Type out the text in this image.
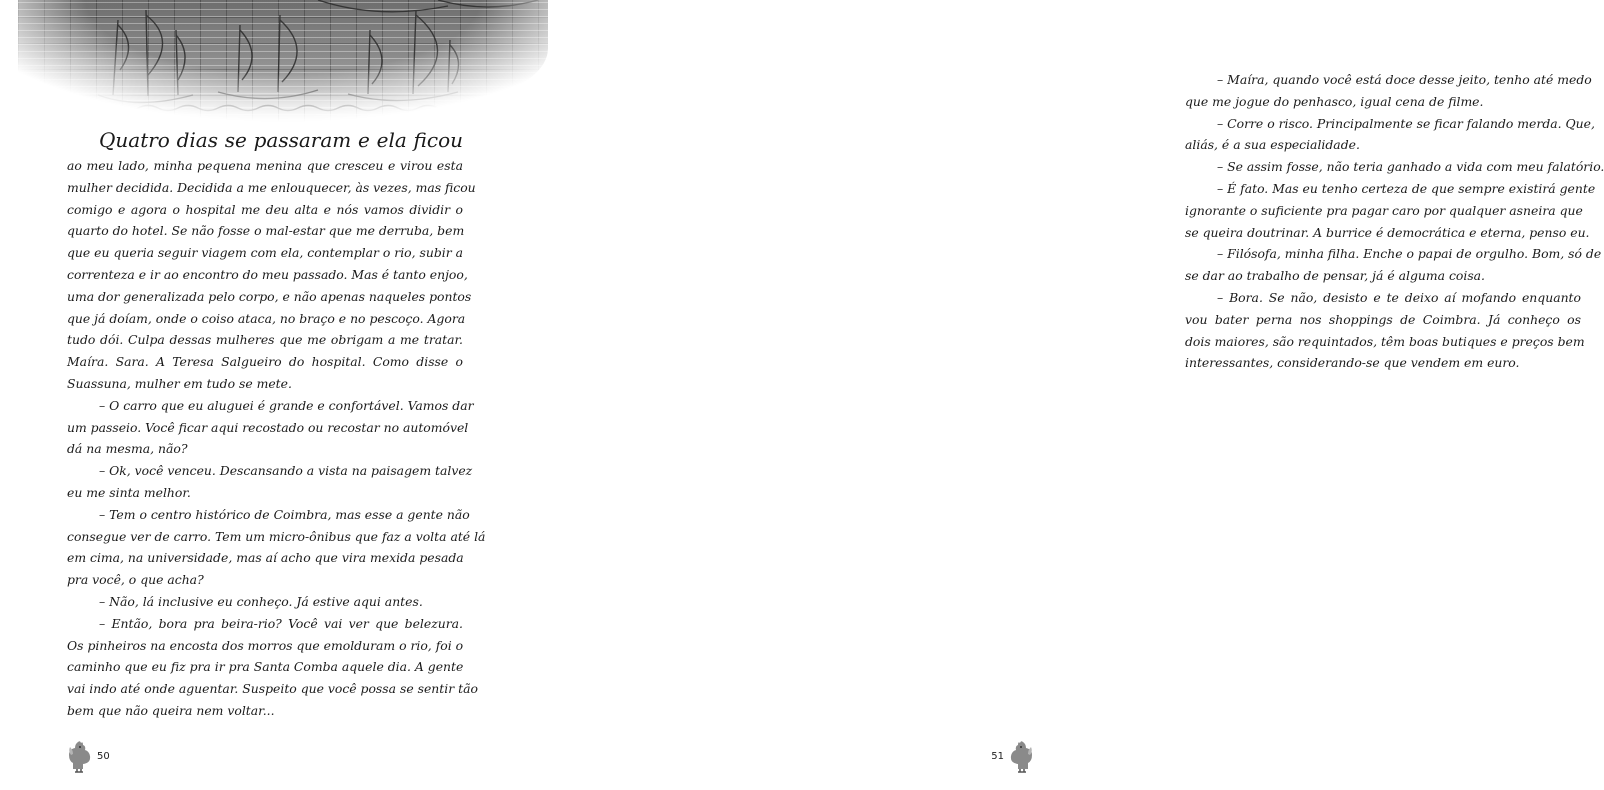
Quatro dias se passaram e ela ficou
ao meu lado, minha pequena menina que cresceu e virou esta
mulher decidida. Decidida a me enlouquecer, às vezes, mas ficou
comigo e agora o hospital me deu alta e nós vamos dividir o
quarto do hotel. Se não fosse o mal-estar que me derruba, bem
que eu queria seguir viagem com ela, contemplar o rio, subir a
correnteza e ir ao encontro do meu passado. Mas é tanto enjoo,
uma dor generalizada pelo corpo, e não apenas naqueles pontos
que já doíam, onde o coiso ataca, no braço e no pescoço. Agora
tudo dói. Culpa dessas mulheres que me obrigam a me tratar.
Maíra. Sara. A Teresa Salgueiro do hospital. Como disse o
Suassuna, mulher em tudo se mete.
– O carro que eu aluguei é grande e confortável. Vamos dar
um passeio. Você ficar aqui recostado ou recostar no automóvel
dá na mesma, não?
– Ok, você venceu. Descansando a vista na paisagem talvez
eu me sinta melhor.
– Tem o centro histórico de Coimbra, mas esse a gente não
consegue ver de carro. Tem um micro-ônibus que faz a volta até lá
em cima, na universidade, mas aí acho que vira mexida pesada
pra você, o que acha?
– Não, lá inclusive eu conheço. Já estive aqui antes.
– Então, bora pra beira-rio? Você vai ver que belezura.
Os pinheiros na encosta dos morros que emolduram o rio, foi o
caminho que eu fiz pra ir pra Santa Comba aquele dia. A gente
vai indo até onde aguentar. Suspeito que você possa se sentir tão
bem que não queira nem voltar...
50
– Maíra, quando você está doce desse jeito, tenho até medo
que me jogue do penhasco, igual cena de filme.
– Corre o risco. Principalmente se ficar falando merda. Que,
aliás, é a sua especialidade.
– Se assim fosse, não teria ganhado a vida com meu falatório.
– É fato. Mas eu tenho certeza de que sempre existirá gente
ignorante o suficiente pra pagar caro por qualquer asneira que
se queira doutrinar. A burrice é democrática e eterna, penso eu.
– Filósofa, minha filha. Enche o papai de orgulho. Bom, só de
se dar ao trabalho de pensar, já é alguma coisa.
– Bora. Se não, desisto e te deixo aí mofando enquanto
vou bater perna nos shoppings de Coimbra. Já conheço os
dois maiores, são requintados, têm boas butiques e preços bem
interessantes, considerando-se que vendem em euro.
51
